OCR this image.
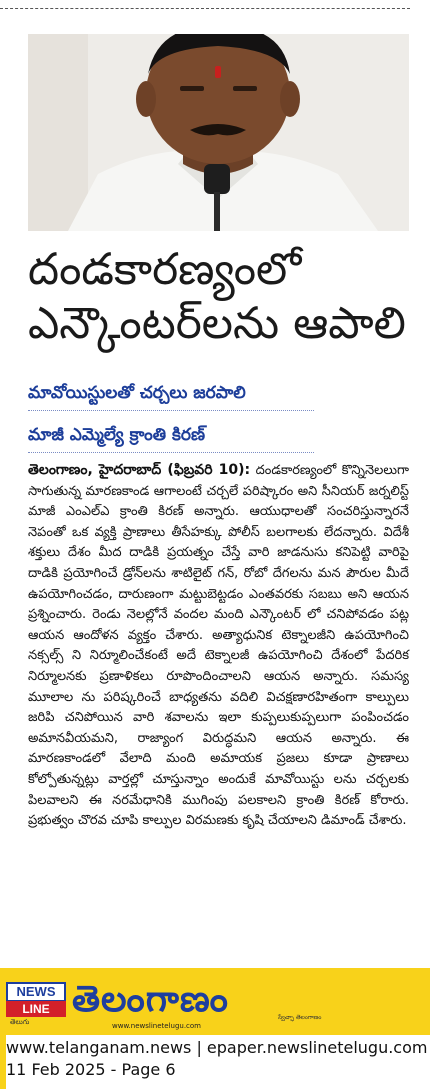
దండకారణ్యంలో
ఎన్కౌంటర్‌లను ఆపాలి
మావోయిస్టులతో చర్చలు జరపాలి
మాజీ ఎమ్మెల్యే క్రాంతి కిరణ్

తెలంగాణం, హైదరాబాద్ (ఫిబ్రవరి 10): దండకారణ్యంలో కొన్నినెలలుగా సాగుతున్న మారణకాండ ఆగాలంటే చర్చలే పరిష్కారం అని సీనియర్ జర్నలిస్ట్ మాజీ ఎంఎల్ఎ క్రాంతి కిరణ్ అన్నారు. ఆయుధాలతో సంచరిస్తున్నారనే నెపంతో ఒక వ్యక్తి ప్రాణాలు తీసేహక్కు పోలీస్ బలగాలకు లేదన్నారు. విదేశీ శక్తులు దేశం మీద దాడికి ప్రయత్నం చేస్తే వారి జాడనుసు కనిపెట్టి వారిపై దాడికి ప్రయోగించే డ్రోన్‌లను శాటిలైట్ గన్, రోబో దేగలను మన పౌరుల మీదే ఉపయోగించడం, దారుణంగా మట్టుబెట్టడం ఎంతవరకు సబబు అని ఆయన ప్రశ్నించారు. రెండు నెలల్లోనే వందల మంది ఎన్కౌంటర్ లో చనిపోవడం పట్ల ఆయన ఆందోళన వ్యక్తం చేశారు. అత్యాధునిక టెక్నాలజీని ఉపయోగించి నక్సల్స్ ని నిర్మూలించేకంటే అదే టెక్నాలజీ ఉపయోగించి దేశంలో పేదరిక నిర్మూలనకు ప్రణాళికలు రూపొందించాలని ఆయన అన్నారు. సమస్య మూలాల ను పరిష్కరించే బాధ్యతను వదిలి విచక్షణారహితంగా కాల్పులు జరిపి చనిపోయిన వారి శవాలను ఇలా కుప్పలుకుప్పలుగా పంపించడం అమానవీయమని, రాజ్యాంగ విరుద్ధమని ఆయన అన్నారు. ఈ మారణకాండలో వేలాది మంది అమాయక ప్రజలు కూడా ప్రాణాలు కోల్పోతున్నట్లు వార్తల్లో చూస్తున్నాం అందుకే మావోయిస్టు లను చర్చలకు పిలవాలని ఈ నరమేధానికి ముగింపు పలకాలని క్రాంతి కిరణ్ కోరారు. ప్రభుత్వం చొరవ చూపి కాల్పుల విరమణకు కృషి చేయాలని డిమాండ్ చేశారు.

NEWS
LINE
తెలుగు
తెలంగాణం
www.newslinetelugu.com
స్వేచ్ఛా తెలంగాణం
www.telanganam.news | epaper.newslinetelugu.com
11 Feb 2025 - Page 6
